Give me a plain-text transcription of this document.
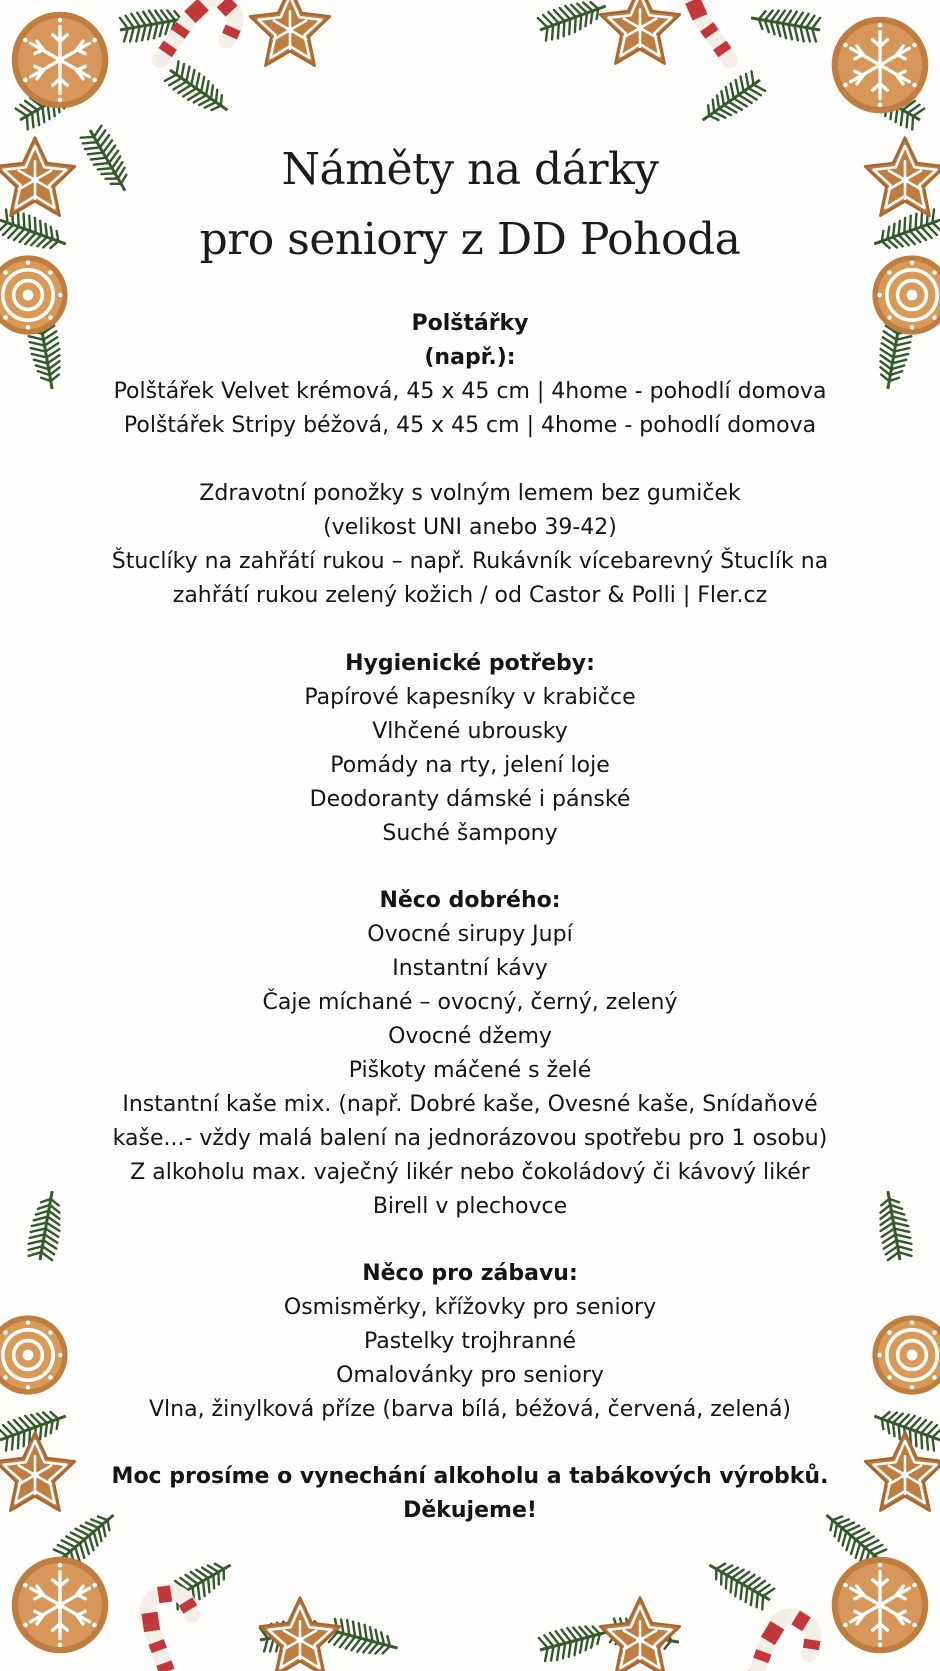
Náměty na dárky
pro seniory z DD Pohoda
Polštářky
(např.):
Polštářek Velvet krémová, 45 x 45 cm | 4home - pohodlí domova
Polštářek Stripy béžová, 45 x 45 cm | 4home - pohodlí domova
Zdravotní ponožky s volným lemem bez gumiček
(velikost UNI anebo 39-42)
Štuclíky na zahřátí rukou – např. Rukávník vícebarevný Štuclík na
zahřátí rukou zelený kožich / od Castor & Polli | Fler.cz
Hygienické potřeby:
Papírové kapesníky v krabičce
Vlhčené ubrousky
Pomády na rty, jelení loje
Deodoranty dámské i pánské
Suché šampony
Něco dobrého:
Ovocné sirupy Jupí
Instantní kávy
Čaje míchané – ovocný, černý, zelený
Ovocné džemy
Piškoty máčené s želé
Instantní kaše mix. (např. Dobré kaše, Ovesné kaše, Snídaňové
kaše...- vždy malá balení na jednorázovou spotřebu pro 1 osobu)
Z alkoholu max. vaječný likér nebo čokoládový či kávový likér
Birell v plechovce
Něco pro zábavu:
Osmisměrky, křížovky pro seniory
Pastelky trojhranné
Omalovánky pro seniory
Vlna, žinylková příze (barva bílá, béžová, červená, zelená)
Moc prosíme o vynechání alkoholu a tabákových výrobků.
Děkujeme!
